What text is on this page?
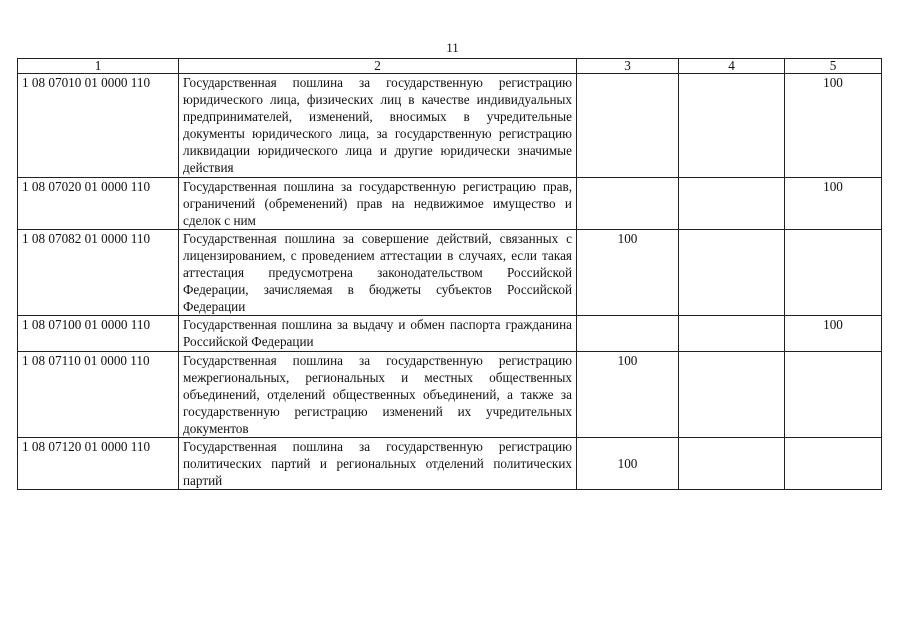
11
1	2	3	4	5
1 08 07010 01 0000 110	Государственная пошлина за государственную регистрацию юридического лица, физических лиц в качестве индивидуальных предпринимателей, изменений, вносимых в учредительные документы юридического лица, за государственную регистрацию ликвидации юридического лица и другие юридически значимые действия			100
1 08 07020 01 0000 110	Государственная пошлина за государственную регистрацию прав, ограничений (обременений) прав на недвижимое имущество и сделок с ним			100
1 08 07082 01 0000 110	Государственная пошлина за совершение действий, связанных с лицензированием, с проведением аттестации в случаях, если такая аттестация предусмотрена законодательством Российской Федерации, зачисляемая в бюджеты субъектов Российской Федерации	100		
1 08 07100 01 0000 110	Государственная пошлина за выдачу и обмен паспорта гражданина Российской Федерации			100
1 08 07110 01 0000 110	Государственная пошлина за государственную регистрацию межрегиональных, региональных и местных общественных объединений, отделений общественных объединений, а также за государственную регистрацию изменений их учредительных документов	100		
1 08 07120 01 0000 110	Государственная пошлина за государственную регистрацию политических партий и региональных отделений политических партий	100		
